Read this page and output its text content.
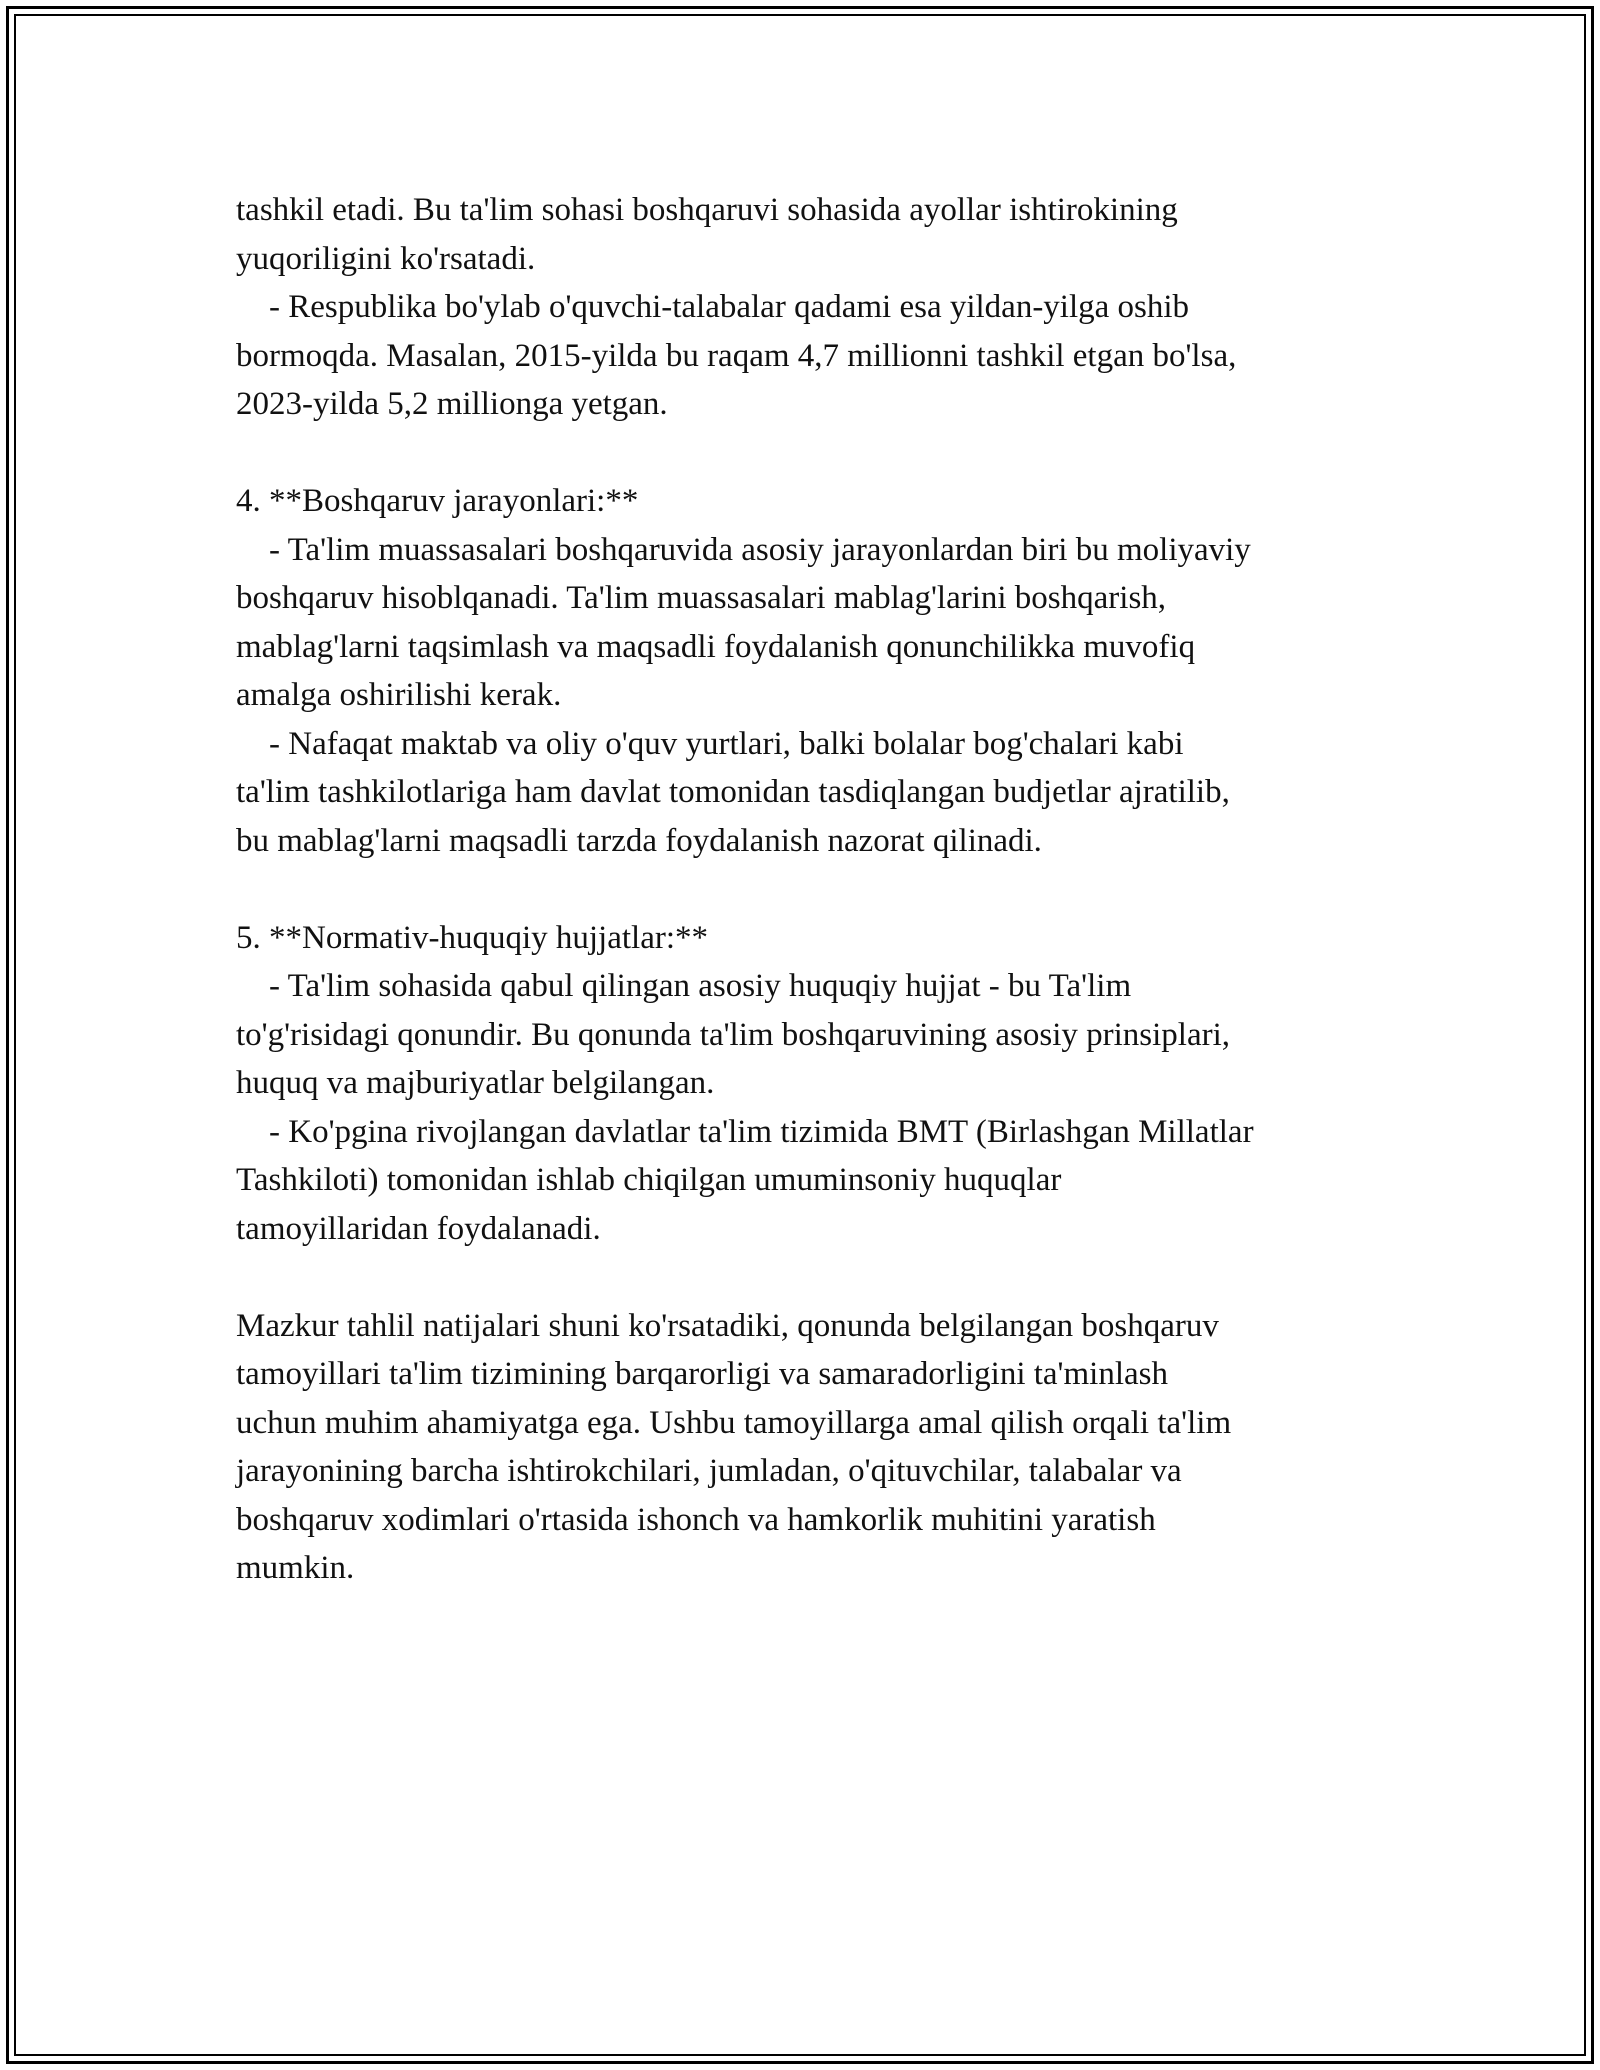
tashkil etadi. Bu ta'lim sohasi boshqaruvi sohasida ayollar ishtirokining
yuqoriligini ko'rsatadi.
- Respublika bo'ylab o'quvchi-talabalar qadami esa yildan-yilga oshib
bormoqda. Masalan, 2015-yilda bu raqam 4,7 millionni tashkil etgan bo'lsa,
2023-yilda 5,2 millionga yetgan.
4. **Boshqaruv jarayonlari:**
- Ta'lim muassasalari boshqaruvida asosiy jarayonlardan biri bu moliyaviy
boshqaruv hisoblqanadi. Ta'lim muassasalari mablag'larini boshqarish,
mablag'larni taqsimlash va maqsadli foydalanish qonunchilikka muvofiq
amalga oshirilishi kerak.
- Nafaqat maktab va oliy o'quv yurtlari, balki bolalar bog'chalari kabi
ta'lim tashkilotlariga ham davlat tomonidan tasdiqlangan budjetlar ajratilib,
bu mablag'larni maqsadli tarzda foydalanish nazorat qilinadi.
5. **Normativ-huquqiy hujjatlar:**
- Ta'lim sohasida qabul qilingan asosiy huquqiy hujjat - bu Ta'lim
to'g'risidagi qonundir. Bu qonunda ta'lim boshqaruvining asosiy prinsiplari,
huquq va majburiyatlar belgilangan.
- Ko'pgina rivojlangan davlatlar ta'lim tizimida BMT (Birlashgan Millatlar
Tashkiloti) tomonidan ishlab chiqilgan umuminsoniy huquqlar
tamoyillaridan foydalanadi.
Mazkur tahlil natijalari shuni ko'rsatadiki, qonunda belgilangan boshqaruv
tamoyillari ta'lim tizimining barqarorligi va samaradorligini ta'minlash
uchun muhim ahamiyatga ega. Ushbu tamoyillarga amal qilish orqali ta'lim
jarayonining barcha ishtirokchilari, jumladan, o'qituvchilar, talabalar va
boshqaruv xodimlari o'rtasida ishonch va hamkorlik muhitini yaratish
mumkin.
